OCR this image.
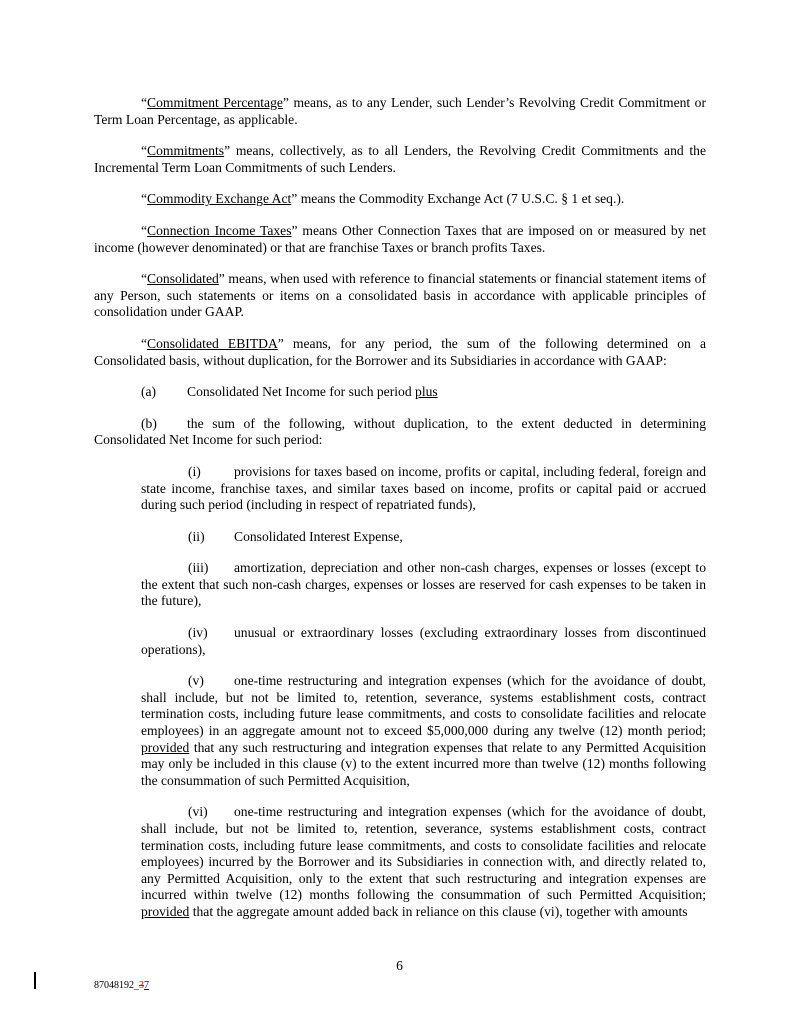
“Commitment Percentage” means, as to any Lender, such Lender’s Revolving Credit Commitment or Term Loan Percentage, as applicable.

“Commitments” means, collectively, as to all Lenders, the Revolving Credit Commitments and the Incremental Term Loan Commitments of such Lenders.

“Commodity Exchange Act” means the Commodity Exchange Act (7 U.S.C. § 1 et seq.).

“Connection Income Taxes” means Other Connection Taxes that are imposed on or measured by net income (however denominated) or that are franchise Taxes or branch profits Taxes.

“Consolidated” means, when used with reference to financial statements or financial statement items of any Person, such statements or items on a consolidated basis in accordance with applicable principles of consolidation under GAAP.

“Consolidated EBITDA” means, for any period, the sum of the following determined on a Consolidated basis, without duplication, for the Borrower and its Subsidiaries in accordance with GAAP:

(a) Consolidated Net Income for such period plus

(b) the sum of the following, without duplication, to the extent deducted in determining Consolidated Net Income for such period:

(i) provisions for taxes based on income, profits or capital, including federal, foreign and state income, franchise taxes, and similar taxes based on income, profits or capital paid or accrued during such period (including in respect of repatriated funds),

(ii) Consolidated Interest Expense,

(iii) amortization, depreciation and other non-cash charges, expenses or losses (except to the extent that such non-cash charges, expenses or losses are reserved for cash expenses to be taken in the future),

(iv) unusual or extraordinary losses (excluding extraordinary losses from discontinued operations),

(v) one-time restructuring and integration expenses (which for the avoidance of doubt, shall include, but not be limited to, retention, severance, systems establishment costs, contract termination costs, including future lease commitments, and costs to consolidate facilities and relocate employees) in an aggregate amount not to exceed $5,000,000 during any twelve (12) month period; provided that any such restructuring and integration expenses that relate to any Permitted Acquisition may only be included in this clause (v) to the extent incurred more than twelve (12) months following the consummation of such Permitted Acquisition,

(vi) one-time restructuring and integration expenses (which for the avoidance of doubt, shall include, but not be limited to, retention, severance, systems establishment costs, contract termination costs, including future lease commitments, and costs to consolidate facilities and relocate employees) incurred by the Borrower and its Subsidiaries in connection with, and directly related to, any Permitted Acquisition, only to the extent that such restructuring and integration expenses are incurred within twelve (12) months following the consummation of such Permitted Acquisition; provided that the aggregate amount added back in reliance on this clause (vi), together with amounts

6
87048192_37
